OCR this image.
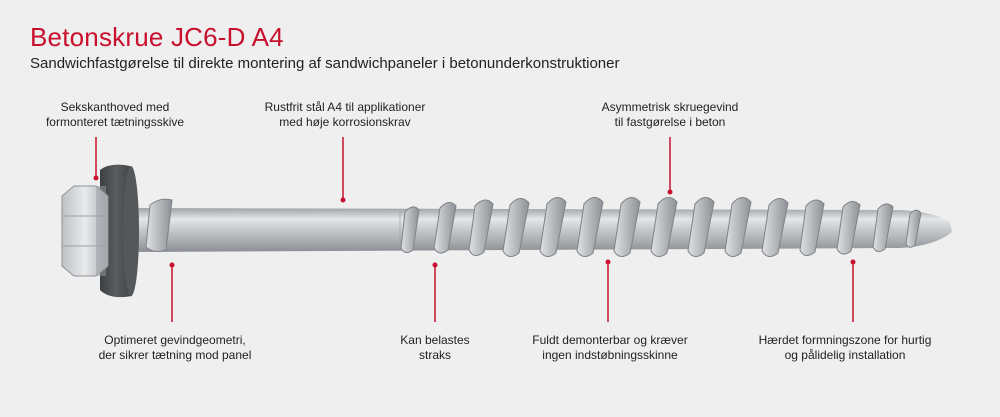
Betonskrue JC6-D A4

Sandwichfastgørelse til direkte montering af sandwichpaneler i betonunderkonstruktioner

Sekskanthoved med
formonteret tætningsskive
Rustfrit stål A4 til applikationer
med høje korrosionskrav
Asymmetrisk skruegevind
til fastgørelse i beton
Optimeret gevindgeometri,
der sikrer tætning mod panel
Kan belastes
straks
Fuldt demonterbar og kræver
ingen indstøbningsskinne
Hærdet formningszone for hurtig
og pålidelig installation
